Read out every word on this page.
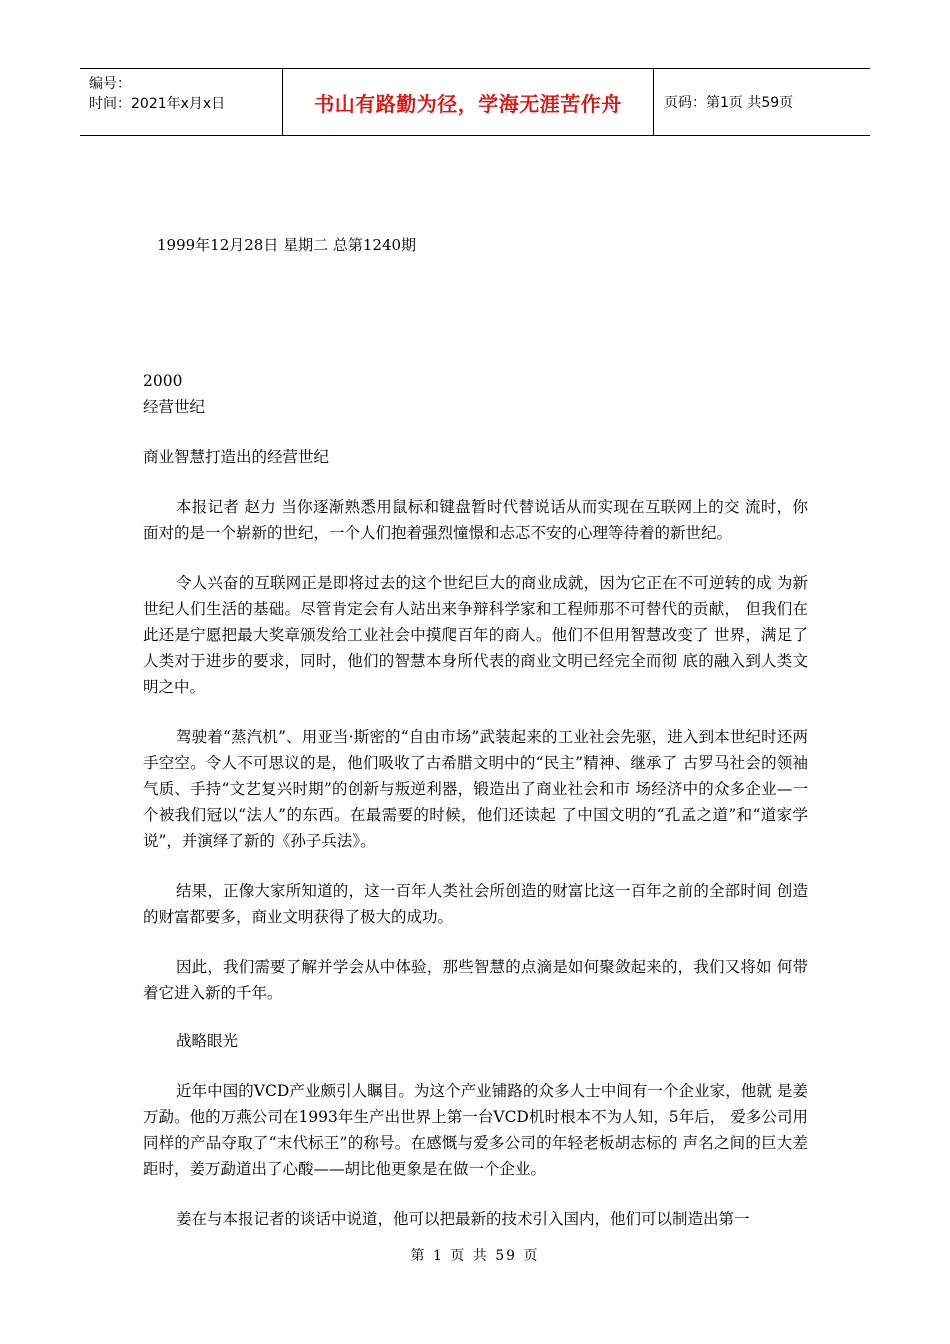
编号：
时间：2021年x月x日	书山有路勤为径，学海无涯苦作舟	页码：第1页 共59页

1999年12月28日 星期二 总第1240期

2000

经营世纪

商业智慧打造出的经营世纪

本报记者 赵力 当你逐渐熟悉用鼠标和键盘暂时代替说话从而实现在互联网上的交 流时，你面对的是一个崭新的世纪，一个人们抱着强烈憧憬和忐忑不安的心理等待着的新世纪。

令人兴奋的互联网正是即将过去的这个世纪巨大的商业成就，因为它正在不可逆转的成 为新世纪人们生活的基础。尽管肯定会有人站出来争辩科学家和工程师那不可替代的贡献， 但我们在此还是宁愿把最大奖章颁发给工业社会中摸爬百年的商人。他们不但用智慧改变了 世界，满足了人类对于进步的要求，同时，他们的智慧本身所代表的商业文明已经完全而彻 底的融入到人类文明之中。

驾驶着“蒸汽机”、用亚当·斯密的“自由市场”武装起来的工业社会先驱，进入到本世纪时还两手空空。令人不可思议的是，他们吸收了古希腊文明中的“民主”精神、继承了 古罗马社会的领袖气质、手持“文艺复兴时期”的创新与叛逆利器，锻造出了商业社会和市 场经济中的众多企业—一个被我们冠以“法人”的东西。在最需要的时候，他们还读起 了中国文明的“孔孟之道”和“道家学说”，并演绎了新的《孙子兵法》。

结果，正像大家所知道的，这一百年人类社会所创造的财富比这一百年之前的全部时间 创造的财富都要多，商业文明获得了极大的成功。

因此，我们需要了解并学会从中体验，那些智慧的点滴是如何聚敛起来的，我们又将如 何带着它进入新的千年。

战略眼光

近年中国的VCD产业颇引人瞩目。为这个产业铺路的众多人士中间有一个企业家，他就 是姜万勐。他的万燕公司在1993年生产出世界上第一台VCD机时根本不为人知，5年后， 爱多公司用同样的产品夺取了“末代标王”的称号。在感慨与爱多公司的年轻老板胡志标的 声名之间的巨大差距时，姜万勐道出了心酸——胡比他更象是在做一个企业。

姜在与本报记者的谈话中说道，他可以把最新的技术引入国内，他们可以制造出第一

第 1 页 共 59 页
